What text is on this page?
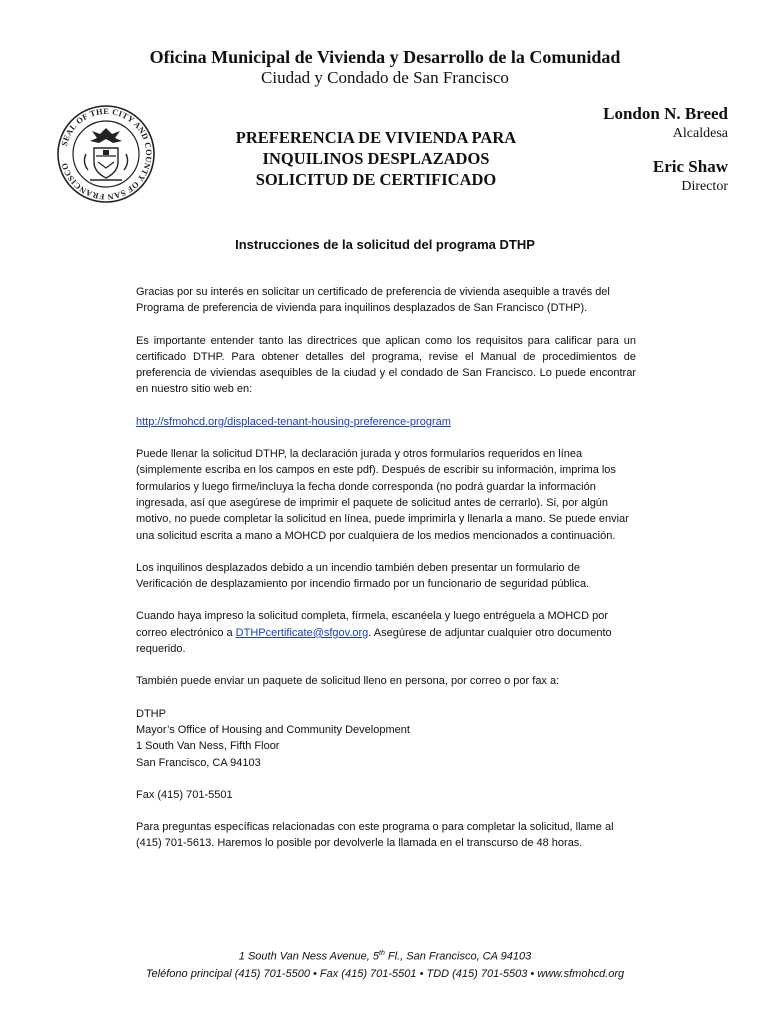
Oficina Municipal de Vivienda y Desarrollo de la Comunidad
Ciudad y Condado de San Francisco
SEAL OF THE CITY AND COUNTY OF SAN FRANCISCO
PREFERENCIA DE VIVIENDA PARA
INQUILINOS DESPLAZADOS
SOLICITUD DE CERTIFICADO
London N. Breed
Alcaldesa
Eric Shaw
Director
Instrucciones de la solicitud del programa DTHP

Gracias por su interés en solicitar un certificado de preferencia de vivienda asequible a través del Programa de preferencia de vivienda para inquilinos desplazados de San Francisco (DTHP).

Es importante entender tanto las directrices que aplican como los requisitos para calificar para un certificado DTHP. Para obtener detalles del programa, revise el Manual de procedimientos de preferencia de viviendas asequibles de la ciudad y el condado de San Francisco. Lo puede encontrar en nuestro sitio web en:

http://sfmohcd.org/displaced-tenant-housing-preference-program

Puede llenar la solicitud DTHP, la declaración jurada y otros formularios requeridos en línea (simplemente escriba en los campos en este pdf). Después de escribir su información, imprima los formularios y luego firme/incluya la fecha donde corresponda (no podrá guardar la información ingresada, así que asegúrese de imprimir el paquete de solicitud antes de cerrarlo). Si, por algún motivo, no puede completar la solicitud en línea, puede imprimirla y llenarla a mano. Se puede enviar una solicitud escrita a mano a MOHCD por cualquiera de los medios mencionados a continuación.

Los inquilinos desplazados debido a un incendio también deben presentar un formulario de Verificación de desplazamiento por incendio firmado por un funcionario de seguridad pública.

Cuando haya impreso la solicitud completa, fírmela, escanéela y luego entréguela a MOHCD por correo electrónico a DTHPcertificate@sfgov.org. Asegúrese de adjuntar cualquier otro documento requerido.

También puede enviar un paquete de solicitud lleno en persona, por correo o por fax a:

DTHP
Mayor’s Office of Housing and Community Development
1 South Van Ness, Fifth Floor
San Francisco, CA 94103

Fax (415) 701-5501

Para preguntas específicas relacionadas con este programa o para completar la solicitud, llame al (415) 701-5613. Haremos lo posible por devolverle la llamada en el transcurso de 48 horas.

1 South Van Ness Avenue, 5th Fl., San Francisco, CA 94103
Teléfono principal (415) 701-5500 • Fax (415) 701-5501 • TDD (415) 701-5503 • www.sfmohcd.org
